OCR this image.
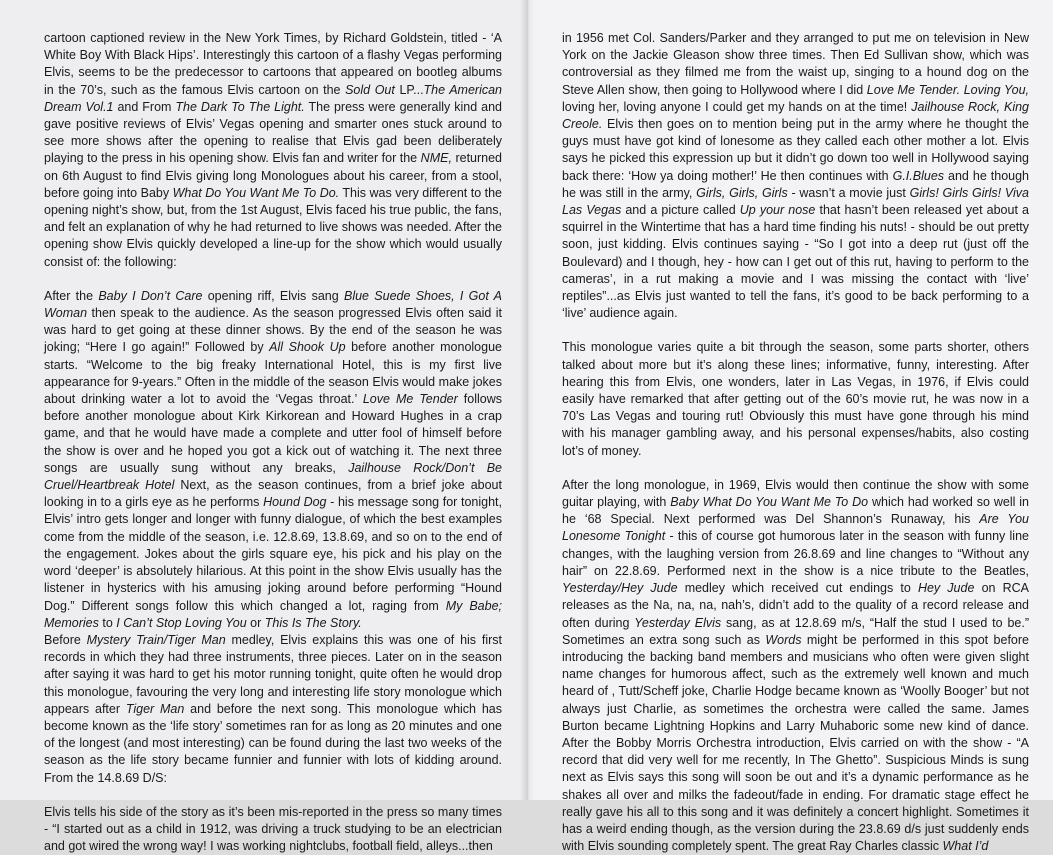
cartoon captioned review in the New York Times, by Richard Goldstein, titled - ‘A White Boy With Black Hips’. Interestingly this cartoon of a flashy Vegas performing Elvis, seems to be the predecessor to cartoons that appeared on bootleg albums in the 70’s, such as the famous Elvis cartoon on the Sold Out LP...The American Dream Vol.1 and From The Dark To The Light. The press were generally kind and gave positive reviews of Elvis’ Vegas opening and smarter ones stuck around to see more shows after the opening to realise that Elvis gad been deliberately playing to the press in his opening show. Elvis fan and writer for the NME, returned on 6th August to find Elvis giving long Monologues about his career, from a stool, before going into Baby What Do You Want Me To Do. This was very different to the opening night’s show, but, from the 1st August, Elvis faced his true public, the fans, and felt an explanation of why he had returned to live shows was needed. After the opening show Elvis quickly developed a line-up for the show which would usually consist of: the following:

After the Baby I Don’t Care opening riff, Elvis sang Blue Suede Shoes, I Got A Woman then speak to the audience. As the season progressed Elvis often said it was hard to get going at these dinner shows. By the end of the season he was joking; “Here I go again!” Followed by All Shook Up before another monologue starts. “Welcome to the big freaky International Hotel, this is my first live appearance for 9-years.” Often in the middle of the season Elvis would make jokes about drinking water a lot to avoid the ‘Vegas throat.’ Love Me Tender follows before another monologue about Kirk Kirkorean and Howard Hughes in a crap game, and that he would have made a complete and utter fool of himself before the show is over and he hoped you got a kick out of watching it. The next three songs are usually sung without any breaks, Jailhouse Rock/Don’t Be Cruel/Heartbreak Hotel Next, as the season continues, from a brief joke about looking in to a girls eye as he performs Hound Dog - his message song for tonight, Elvis’ intro gets longer and longer with funny dialogue, of which the best examples come from the middle of the season, i.e. 12.8.69, 13.8.69, and so on to the end of the engagement. Jokes about the girls square eye, his pick and his play on the word ‘deeper’ is absolutely hilarious. At this point in the show Elvis usually has the listener in hysterics with his amusing joking around before performing “Hound Dog.” Different songs follow this which changed a lot, raging from My Babe; Memories to I Can’t Stop Loving You or This Is The Story.

Before Mystery Train/Tiger Man medley, Elvis explains this was one of his first records in which they had three instruments, three pieces. Later on in the season after saying it was hard to get his motor running tonight, quite often he would drop this monologue, favouring the very long and interesting life story monologue which appears after Tiger Man and before the next song. This monologue which has become known as the ‘life story’ sometimes ran for as long as 20 minutes and one of the longest (and most interesting) can be found during the last two weeks of the season as the life story became funnier and funnier with lots of kidding around. From the 14.8.69 D/S:

Elvis tells his side of the story as it’s been mis-reported in the press so many times - “I started out as a child in 1912, was driving a truck studying to be an electrician and got wired the wrong way! I was working nightclubs, football field, alleys...then

in 1956 met Col. Sanders/Parker and they arranged to put me on television in New York on the Jackie Gleason show three times. Then Ed Sullivan show, which was controversial as they filmed me from the waist up, singing to a hound dog on the Steve Allen show, then going to Hollywood where I did Love Me Tender. Loving You, loving her, loving anyone I could get my hands on at the time! Jailhouse Rock, King Creole. Elvis then goes on to mention being put in the army where he thought the guys must have got kind of lonesome as they called each other mother a lot. Elvis says he picked this expression up but it didn’t go down too well in Hollywood saying back there: ‘How ya doing mother!’ He then continues with G.I.Blues and he though he was still in the army, Girls, Girls, Girls - wasn’t a movie just Girls! Girls Girls! Viva Las Vegas and a picture called Up your nose that hasn’t been released yet about a squirrel in the Wintertime that has a hard time finding his nuts! - should be out pretty soon, just kidding. Elvis continues saying - “So I got into a deep rut (just off the Boulevard) and I though, hey - how can I get out of this rut, having to perform to the cameras’, in a rut making a movie and I was missing the contact with ‘live’ reptiles”...as Elvis just wanted to tell the fans, it’s good to be back performing to a ‘live’ audience again.

This monologue varies quite a bit through the season, some parts shorter, others talked about more but it’s along these lines; informative, funny, interesting. After hearing this from Elvis, one wonders, later in Las Vegas, in 1976, if Elvis could easily have remarked that after getting out of the 60’s movie rut, he was now in a 70’s Las Vegas and touring rut! Obviously this must have gone through his mind with his manager gambling away, and his personal expenses/habits, also costing lot’s of money.

After the long monologue, in 1969, Elvis would then continue the show with some guitar playing, with Baby What Do You Want Me To Do which had worked so well in he ‘68 Special. Next performed was Del Shannon’s Runaway, his Are You Lonesome Tonight - this of course got humorous later in the season with funny line changes, with the laughing version from 26.8.69 and line changes to “Without any hair” on 22.8.69. Performed next in the show is a nice tribute to the Beatles, Yesterday/Hey Jude medley which received cut endings to Hey Jude on RCA releases as the Na, na, na, nah’s, didn’t add to the quality of a record release and often during Yesterday Elvis sang, as at 12.8.69 m/s, “Half the stud I used to be.” Sometimes an extra song such as Words might be performed in this spot before introducing the backing band members and musicians who often were given slight name changes for humorous affect, such as the extremely well known and much heard of , Tutt/Scheff joke, Charlie Hodge became known as ‘Woolly Booger’ but not always just Charlie, as sometimes the orchestra were called the same. James Burton became Lightning Hopkins and Larry Muhaboric some new kind of dance. After the Bobby Morris Orchestra introduction, Elvis carried on with the show - “A record that did very well for me recently, In The Ghetto”. Suspicious Minds is sung next as Elvis says this song will soon be out and it’s a dynamic performance as he shakes all over and milks the fadeout/fade in ending. For dramatic stage effect he really gave his all to this song and it was definitely a concert highlight. Sometimes it has a weird ending though, as the version during the 23.8.69 d/s just suddenly ends with Elvis sounding completely spent. The great Ray Charles classic What I’d
